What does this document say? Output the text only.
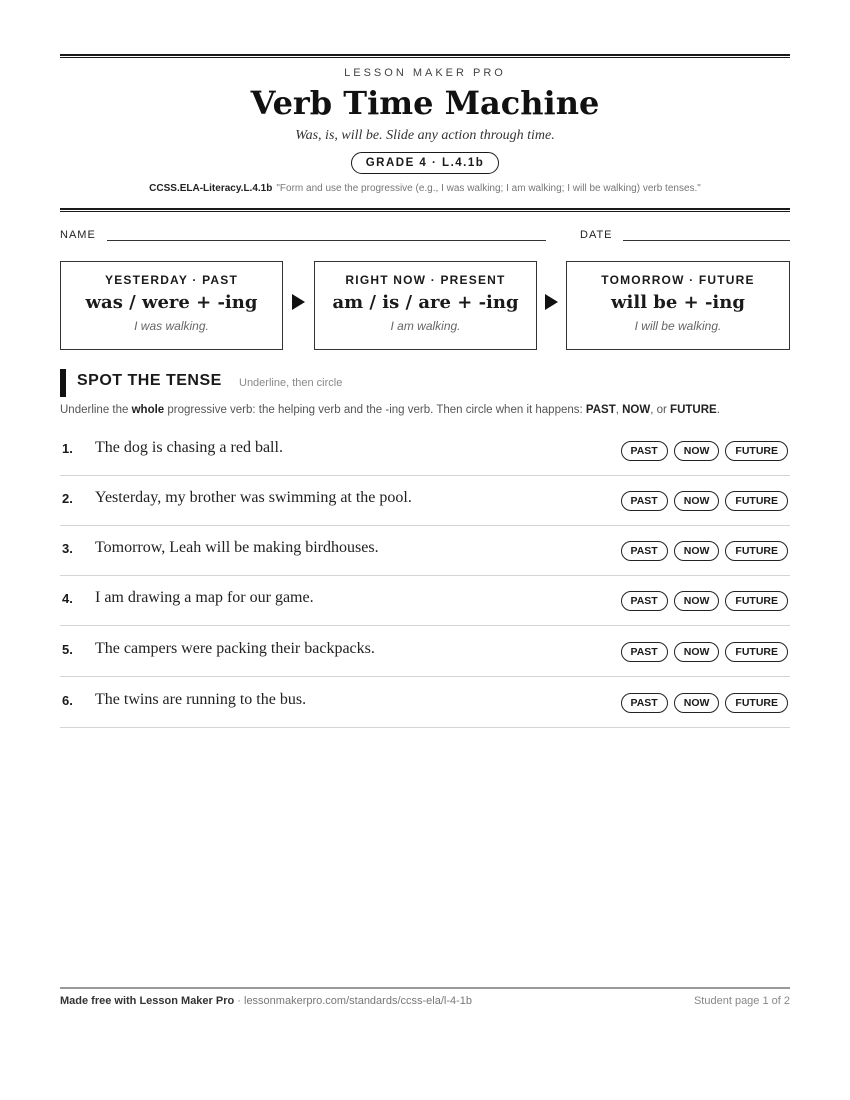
LESSON MAKER PRO
Verb Time Machine
Was, is, will be. Slide any action through time.
GRADE 4 · L.4.1b
CCSS.ELA-Literacy.L.4.1b "Form and use the progressive (e.g., I was walking; I am walking; I will be walking) verb tenses."
NAME	DATE
YESTERDAY · PAST
was / were + -ing
I was walking.
RIGHT NOW · PRESENT
am / is / are + -ing
I am walking.
TOMORROW · FUTURE
will be + -ing
I will be walking.
SPOT THE TENSE Underline, then circle
Underline the whole progressive verb: the helping verb and the -ing verb. Then circle when it happens: PAST, NOW, or FUTURE.
1. The dog is chasing a red ball.	PAST	NOW	FUTURE
2. Yesterday, my brother was swimming at the pool.	PAST	NOW	FUTURE
3. Tomorrow, Leah will be making birdhouses.	PAST	NOW	FUTURE
4. I am drawing a map for our game.	PAST	NOW	FUTURE
5. The campers were packing their backpacks.	PAST	NOW	FUTURE
6. The twins are running to the bus.	PAST	NOW	FUTURE
Made free with Lesson Maker Pro · lessonmakerpro.com/standards/ccss-ela/l-4-1b	Student page 1 of 2
